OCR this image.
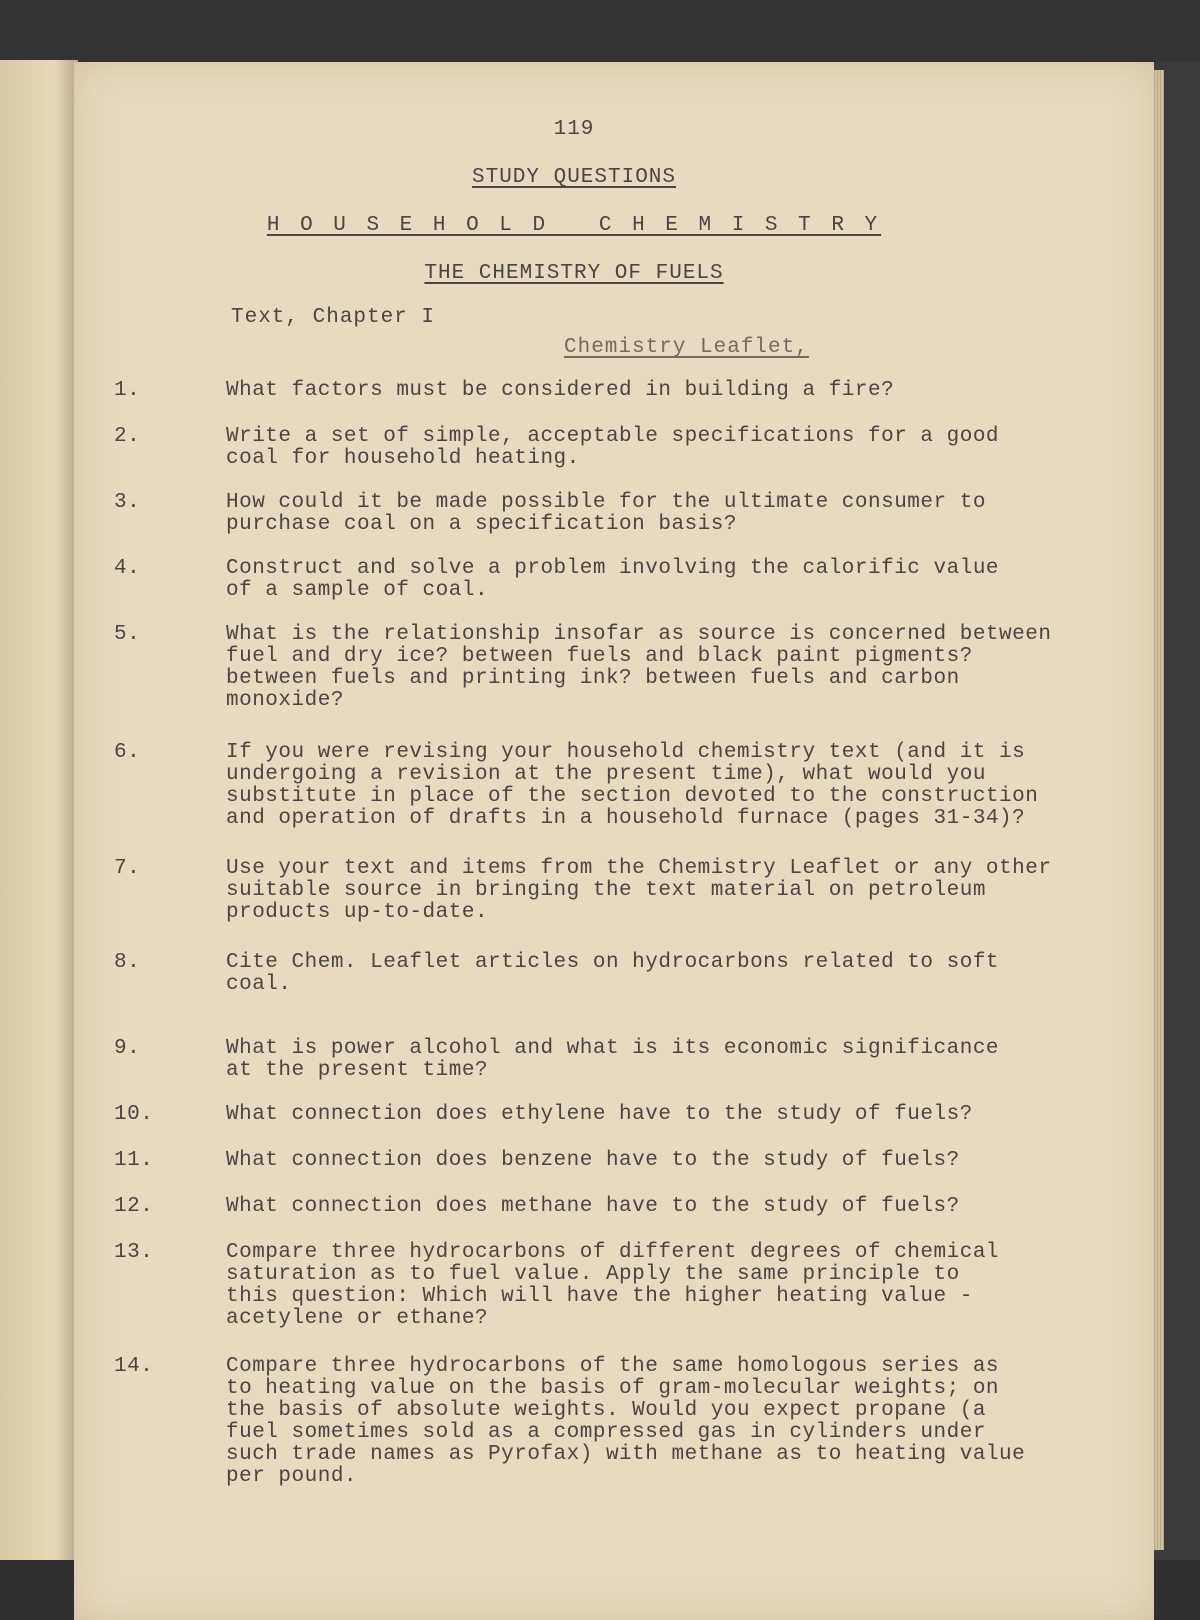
119
STUDY QUESTIONS
H O U S E H O L D   C H E M I S T R Y
THE CHEMISTRY OF FUELS
Text, Chapter I
Chemistry Leaflet,
1.	What factors must be considered in building a fire?
2.	Write a set of simple, acceptable specifications for a good
coal for household heating.
3.	How could it be made possible for the ultimate consumer to
purchase coal on a specification basis?
4.	Construct and solve a problem involving the calorific value
of a sample of coal.
5.	What is the relationship insofar as source is concerned between
fuel and dry ice? between fuels and black paint pigments?
between fuels and printing ink? between fuels and carbon
monoxide?
6.	If you were revising your household chemistry text (and it is
undergoing a revision at the present time), what would you
substitute in place of the section devoted to the construction
and operation of drafts in a household furnace (pages 31-34)?
7.	Use your text and items from the Chemistry Leaflet or any other
suitable source in bringing the text material on petroleum
products up-to-date.
8.	Cite Chem. Leaflet articles on hydrocarbons related to soft
coal.
9.	What is power alcohol and what is its economic significance
at the present time?
10.	What connection does ethylene have to the study of fuels?
11.	What connection does benzene have to the study of fuels?
12.	What connection does methane have to the study of fuels?
13.	Compare three hydrocarbons of different degrees of chemical
saturation as to fuel value. Apply the same principle to
this question: Which will have the higher heating value -
acetylene or ethane?
14.	Compare three hydrocarbons of the same homologous series as
to heating value on the basis of gram-molecular weights; on
the basis of absolute weights. Would you expect propane (a
fuel sometimes sold as a compressed gas in cylinders under
such trade names as Pyrofax) with methane as to heating value
per pound.
